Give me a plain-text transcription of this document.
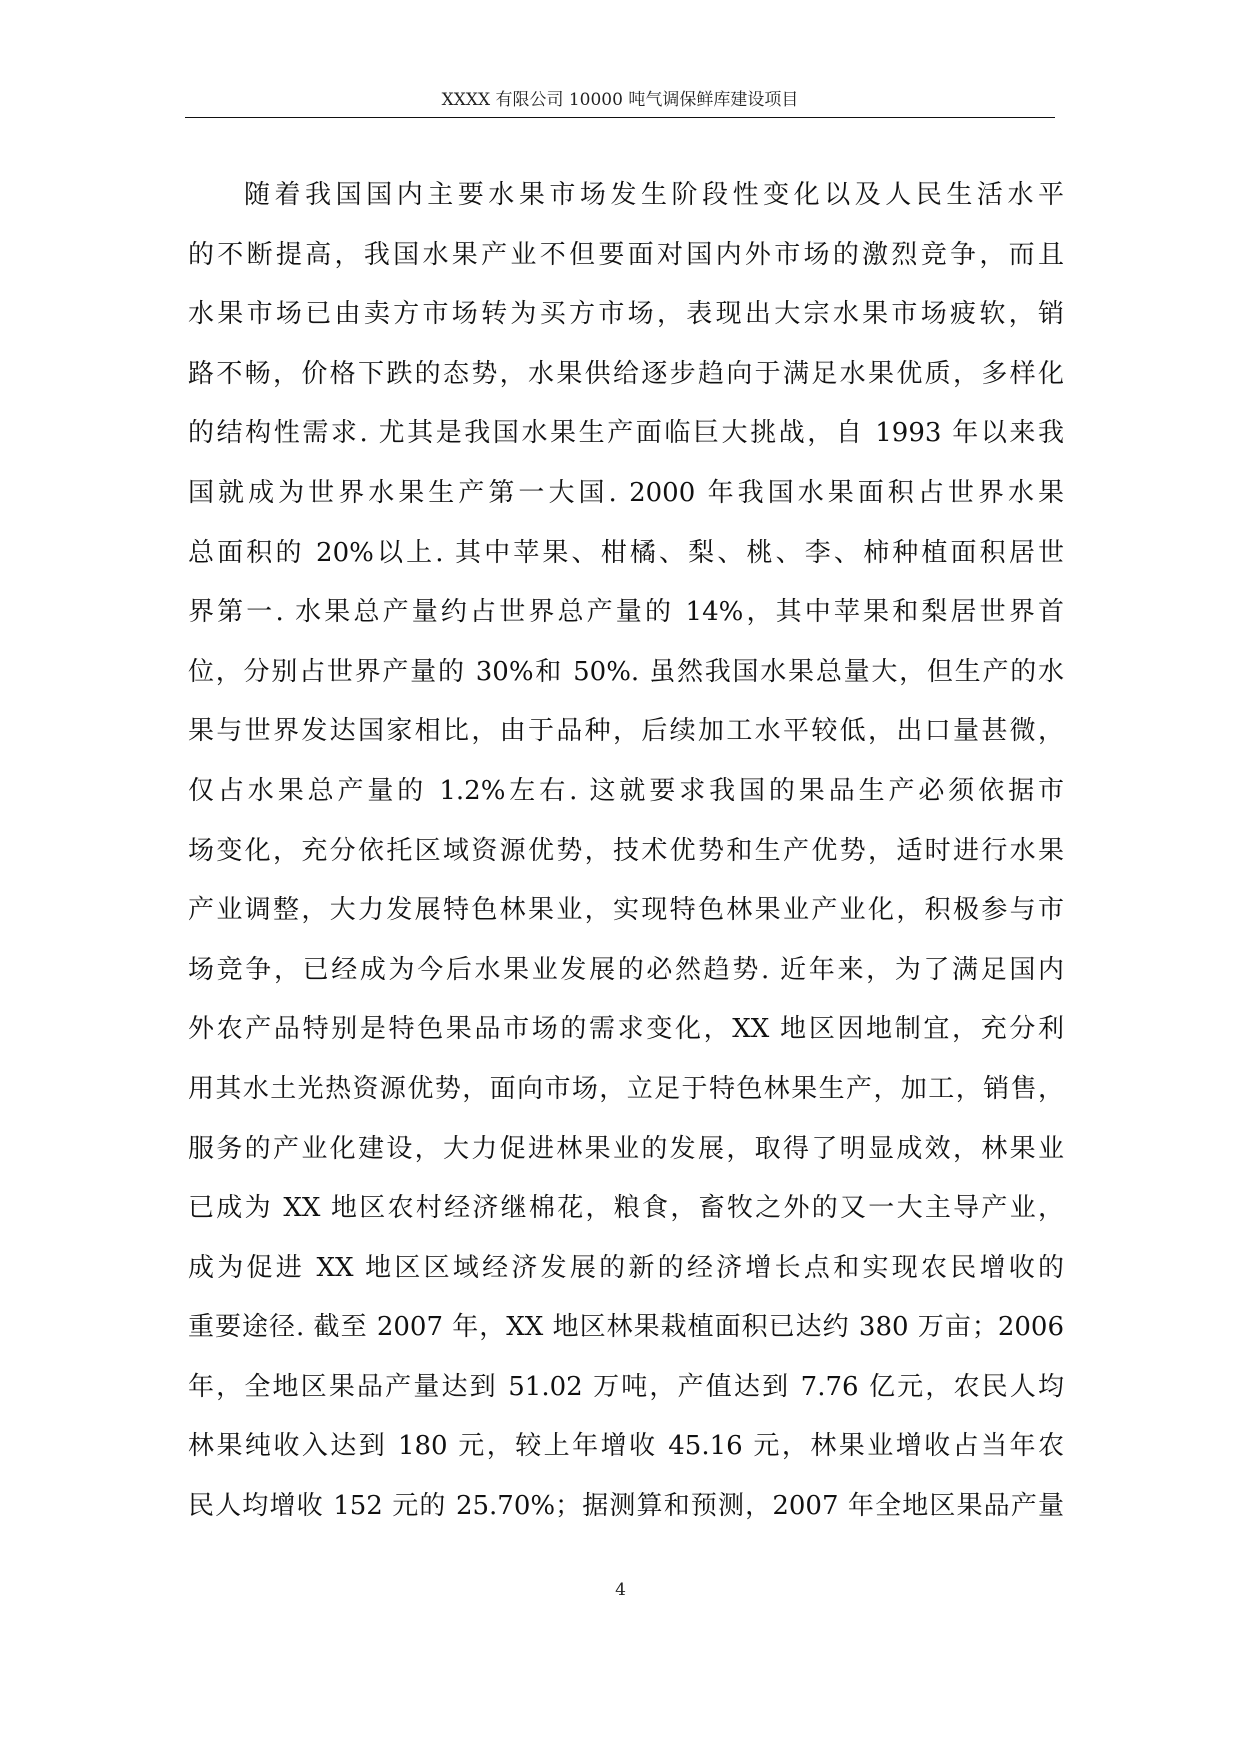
XXXX 有限公司 10000 吨气调保鲜库建设项目
随着我国国内主要水果市场发生阶段性变化以及人民生活水平
的不断提高，我国水果产业不但要面对国内外市场的激烈竞争，而且
水果市场已由卖方市场转为买方市场，表现出大宗水果市场疲软，销
路不畅，价格下跌的态势，水果供给逐步趋向于满足水果优质，多样化
的结构性需求. 尤其是我国水果生产面临巨大挑战，自 1993 年以来我
国就成为世界水果生产第一大国. 2000 年我国水果面积占世界水果
总面积的 20%以上. 其中苹果、柑橘、梨、桃、李、柿种植面积居世
界第一. 水果总产量约占世界总产量的 14%，其中苹果和梨居世界首
位，分别占世界产量的 30%和 50%. 虽然我国水果总量大，但生产的水
果与世界发达国家相比，由于品种，后续加工水平较低，出口量甚微，
仅占水果总产量的 1.2%左右. 这就要求我国的果品生产必须依据市
场变化，充分依托区域资源优势，技术优势和生产优势，适时进行水果
产业调整，大力发展特色林果业，实现特色林果业产业化，积极参与市
场竞争，已经成为今后水果业发展的必然趋势. 近年来，为了满足国内
外农产品特别是特色果品市场的需求变化，XX 地区因地制宜，充分利
用其水土光热资源优势，面向市场，立足于特色林果生产，加工，销售，
服务的产业化建设，大力促进林果业的发展，取得了明显成效，林果业
已成为 XX 地区农村经济继棉花，粮食，畜牧之外的又一大主导产业，
成为促进 XX 地区区域经济发展的新的经济增长点和实现农民增收的
重要途径. 截至 2007 年，XX 地区林果栽植面积已达约 380 万亩；2006
年，全地区果品产量达到 51.02 万吨，产值达到 7.76 亿元，农民人均
林果纯收入达到 180 元，较上年增收 45.16 元，林果业增收占当年农
民人均增收 152 元的 25.70%；据测算和预测，2007 年全地区果品产量
4
